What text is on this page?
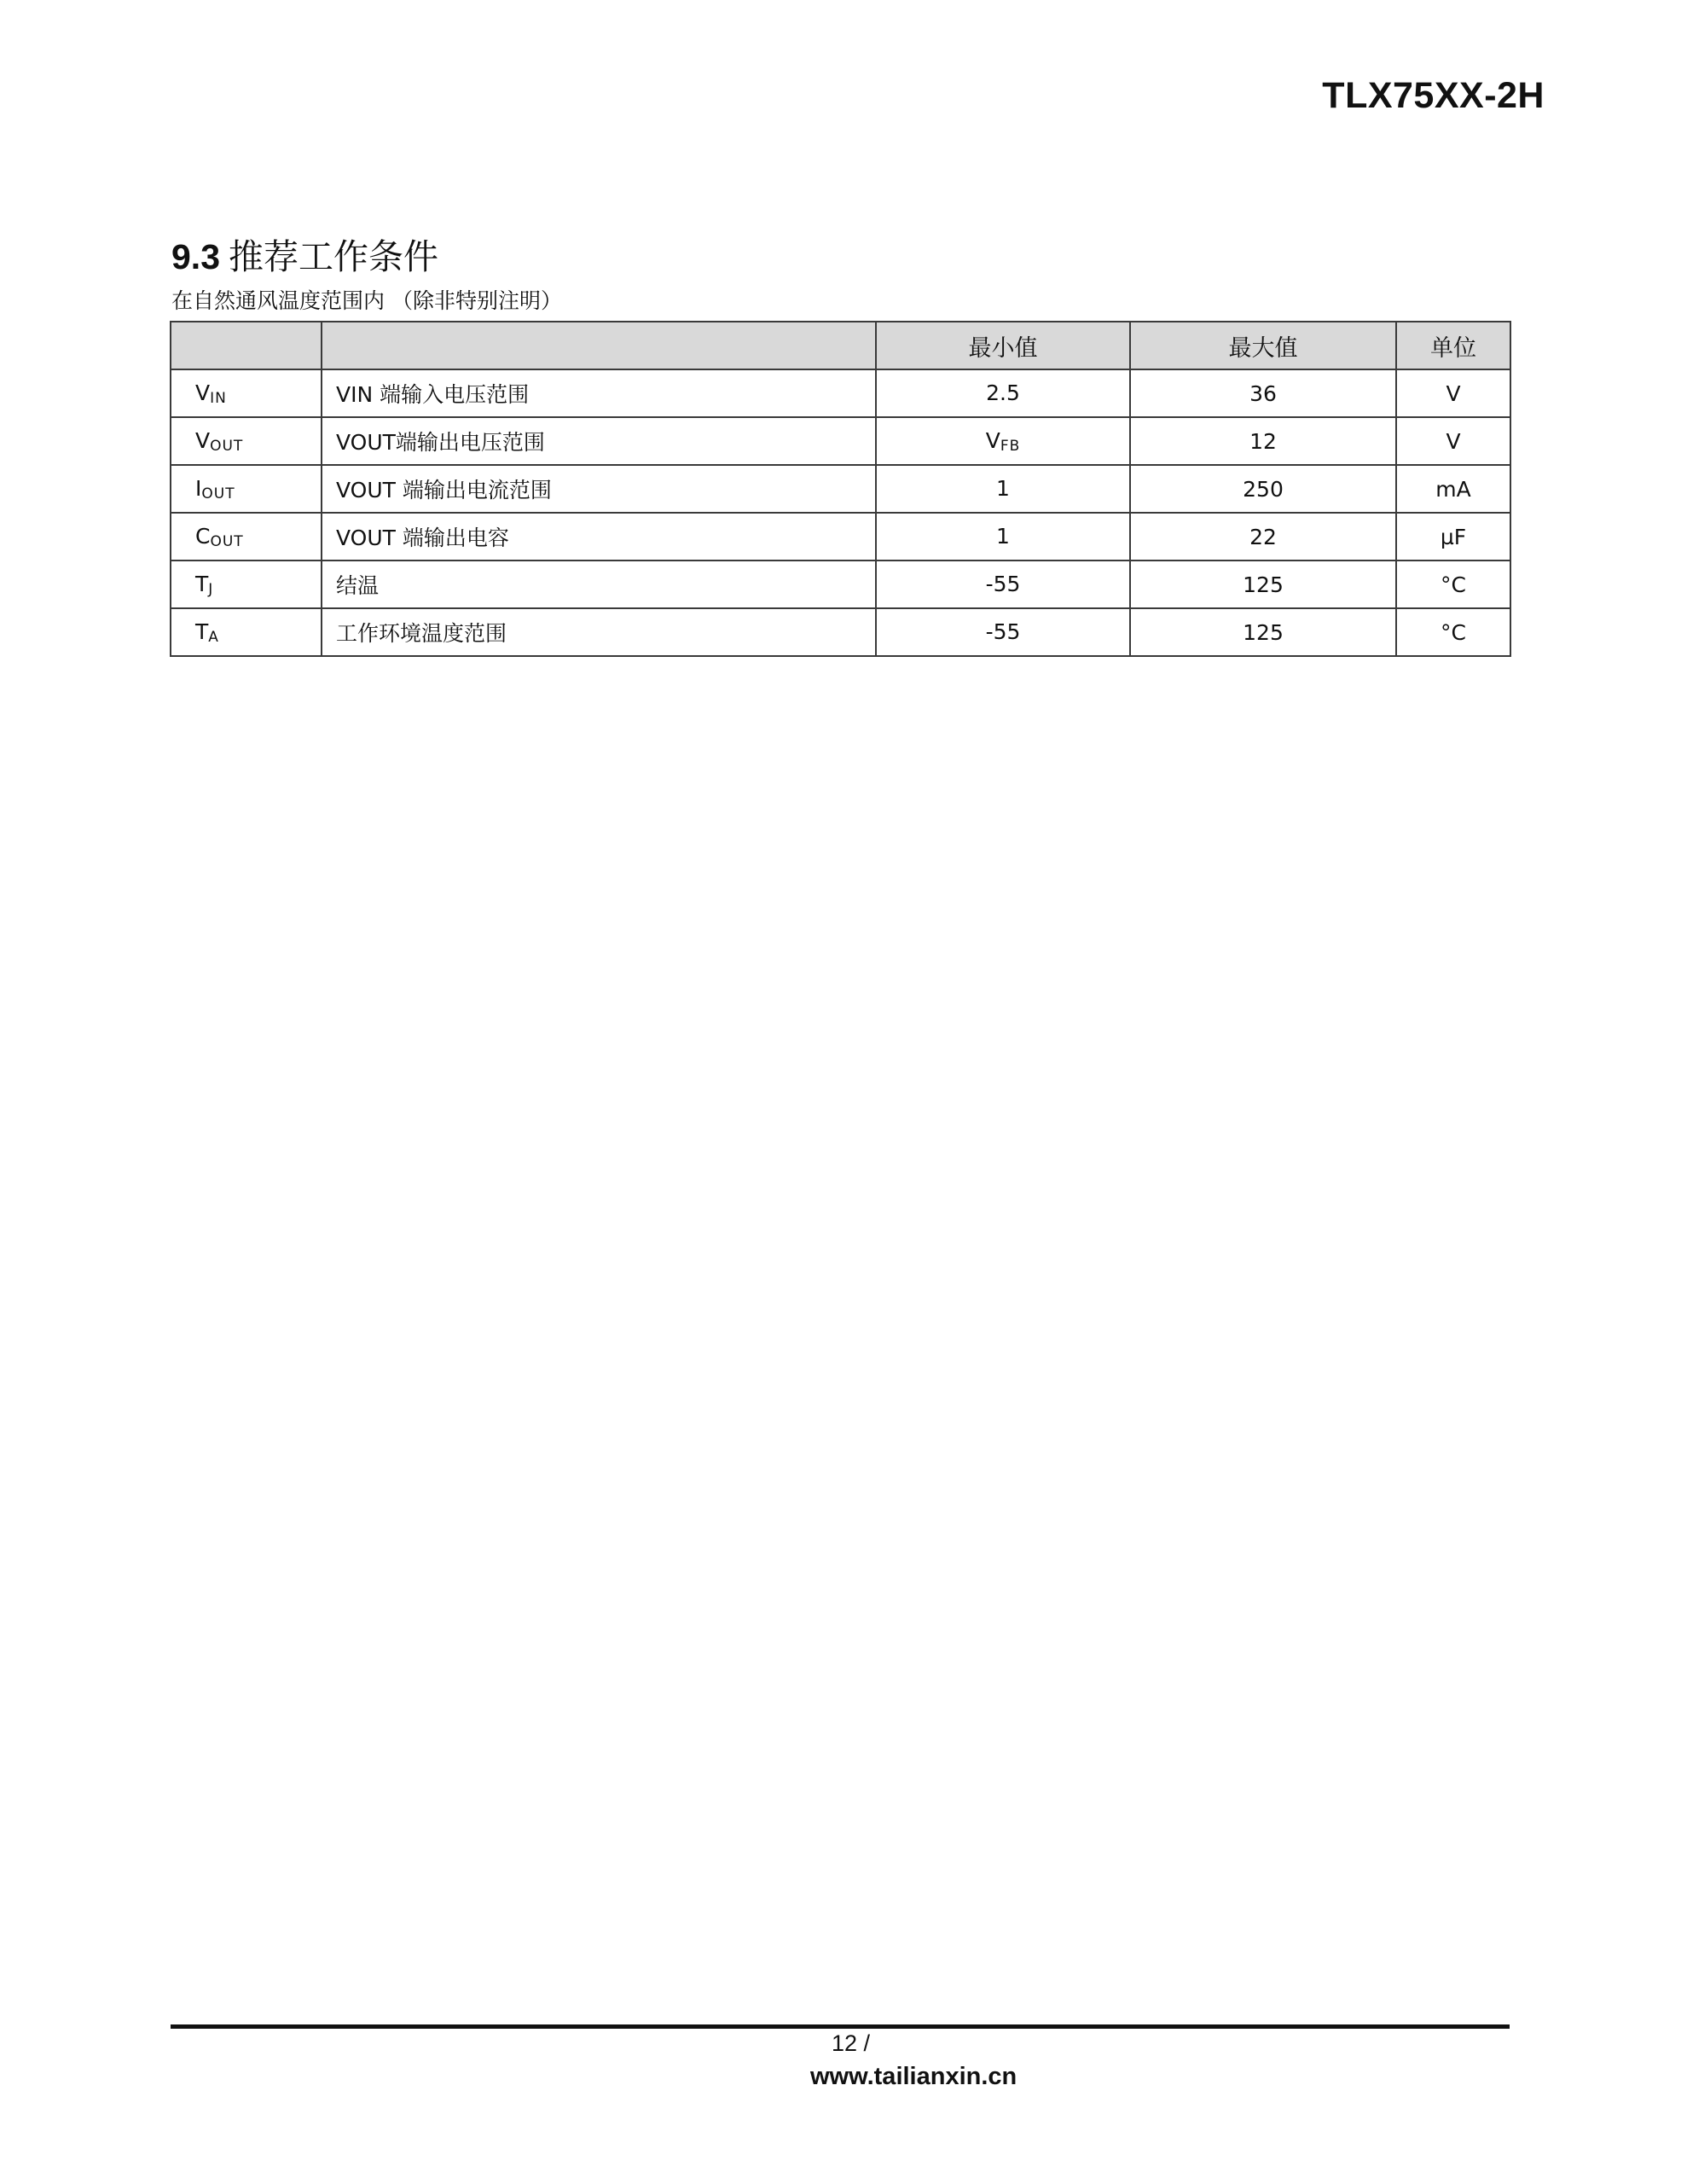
TLX75XX-2H
9.3 推荐工作条件
在自然通风温度范围内 （除非特别注明）
		最小值	最大值	单位
$V_{IN}$	VIN 端输入电压范围	2.5	36	V
$V_{OUT}$	VOUT端输出电压范围	$V_{FB}$	12	V
$I_{OUT}$	VOUT 端输出电流范围	1	250	mA
$C_{OUT}$	VOUT 端输出电容	1	22	µF
$T_J$	结温	-55	125	°C
$T_A$	工作环境温度范围	-55	125	°C
12 /
www.tailianxin.cn
